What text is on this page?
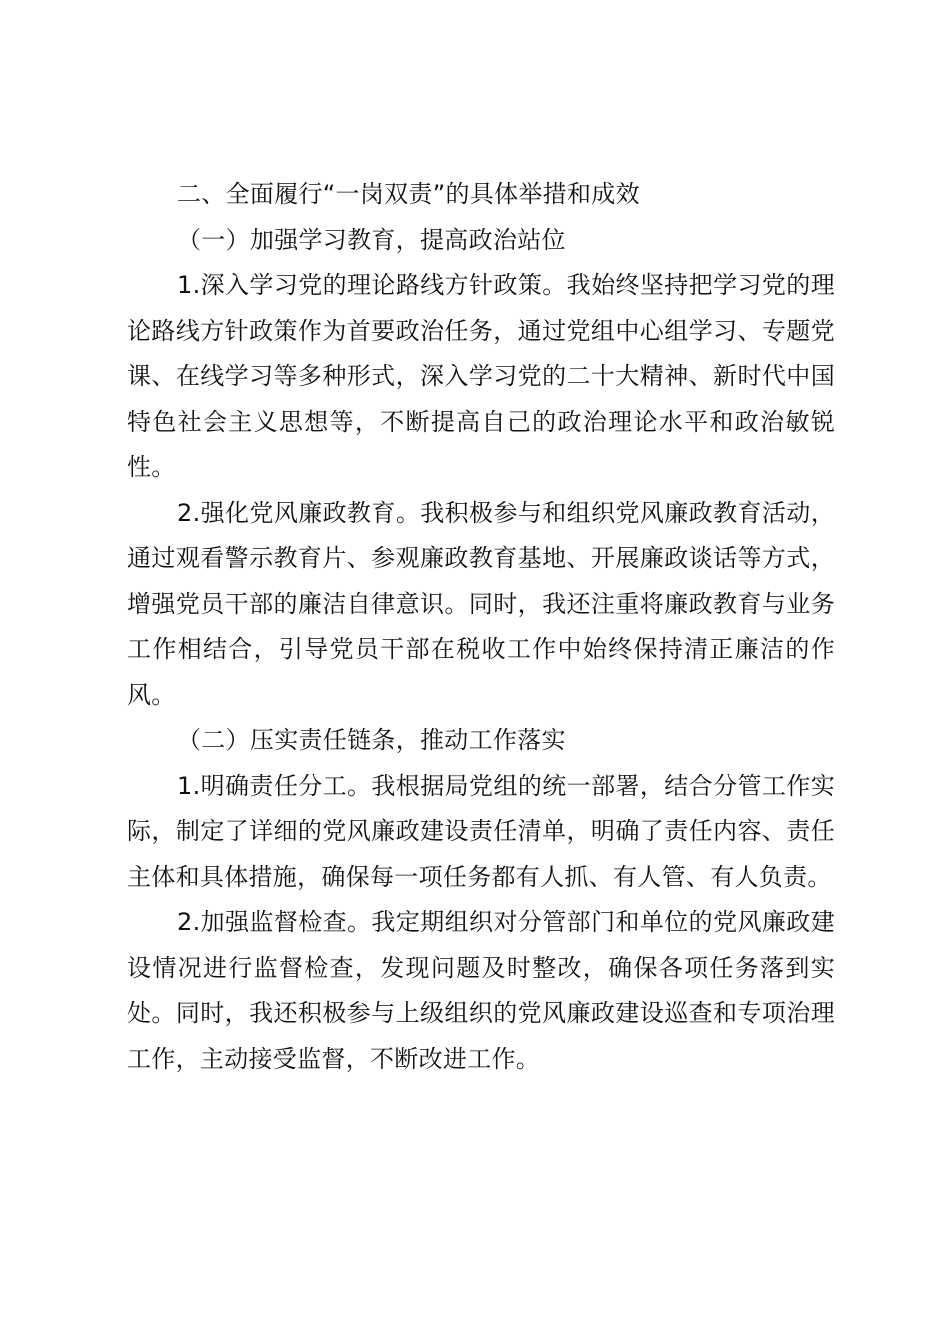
二、全面履行“一岗双责”的具体举措和成效

（一）加强学习教育，提高政治站位

1.深入学习党的理论路线方针政策。我始终坚持把学习党的理论路线方针政策作为首要政治任务，通过党组中心组学习、专题党课、在线学习等多种形式，深入学习党的二十大精神、新时代中国特色社会主义思想等，不断提高自己的政治理论水平和政治敏锐性。

2.强化党风廉政教育。我积极参与和组织党风廉政教育活动，通过观看警示教育片、参观廉政教育基地、开展廉政谈话等方式，增强党员干部的廉洁自律意识。同时，我还注重将廉政教育与业务工作相结合，引导党员干部在税收工作中始终保持清正廉洁的作风。

（二）压实责任链条，推动工作落实

1.明确责任分工。我根据局党组的统一部署，结合分管工作实际，制定了详细的党风廉政建设责任清单，明确了责任内容、责任主体和具体措施，确保每一项任务都有人抓、有人管、有人负责。

2.加强监督检查。我定期组织对分管部门和单位的党风廉政建设情况进行监督检查，发现问题及时整改，确保各项任务落到实处。同时，我还积极参与上级组织的党风廉政建设巡查和专项治理工作，主动接受监督，不断改进工作。
